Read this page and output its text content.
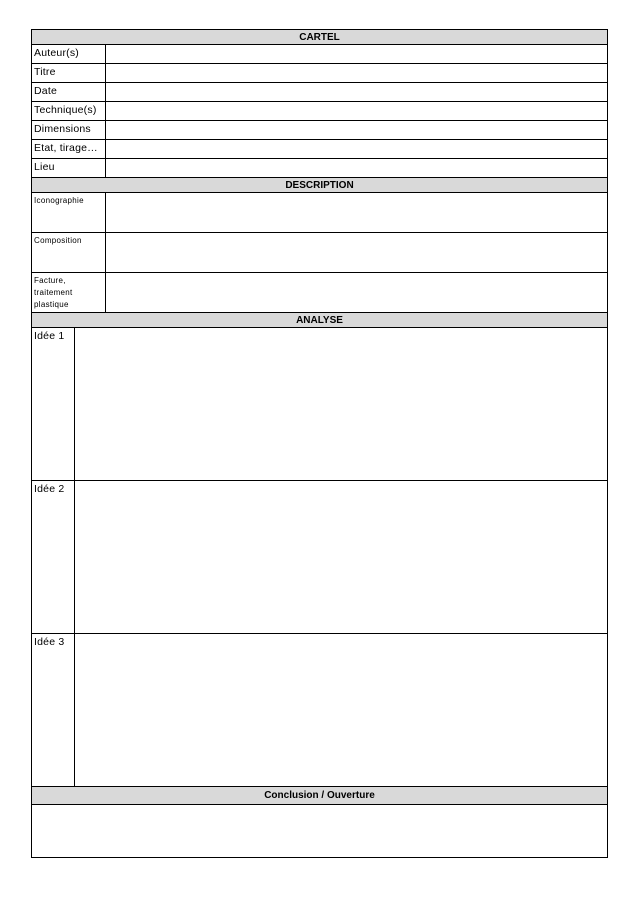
CARTEL	
Auteur(s)	
Titre	
Date	
Technique(s)	
Dimensions	
Etat, tirage…	
Lieu	
DESCRIPTION	
Iconographie	
Composition	
Facture, traitement plastique	
ANALYSE	
Idée 1	
Idée 2	
Idée 3	
Conclusion / Ouverture
